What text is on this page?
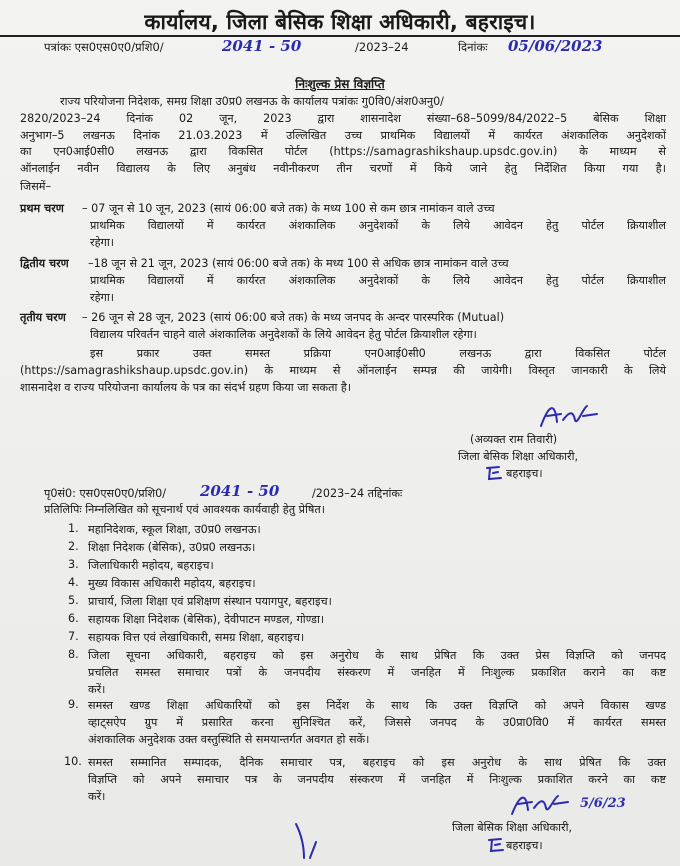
कार्यालय, जिला बेसिक शिक्षा अधिकारी, बहराइच।
पत्रांकः एस0एस0ए0/प्रशि0/	2041 - 50	/2023–24	दिनांकः 05/06/2023
निःशुल्क प्रेस विज्ञप्ति
राज्य परियोजना निदेशक, समग्र शिक्षा उ0प्र0 लखनऊ के कार्यालय पत्रांकः गु0वि0/अंश0अनु0/
2820/2023–24 दिनांक 02 जून, 2023 द्वारा शासनादेश संख्या–68–5099/84/2022–5 बेसिक शिक्षा
अनुभाग–5 लखनऊ दिनांक 21.03.2023 में उल्लिखित उच्च प्राथमिक विद्यालयों में कार्यरत अंशकालिक अनुदेशकों
का एन0आई0सी0 लखनऊ द्वारा विकसित पोर्टल (https://samagrashikshaup.upsdc.gov.in) के माध्यम से
ऑनलाईन नवीन विद्यालय के लिए अनुबंध नवीनीकरण तीन चरणों में किये जाने हेतु निर्देशित किया गया है।
जिसमें–
प्रथम चरण – 07 जून से 10 जून, 2023 (सायं 06:00 बजे तक) के मध्य 100 से कम छात्र नामांकन वाले उच्च
प्राथमिक विद्यालयों में कार्यरत अंशकालिक अनुदेशकों के लिये आवेदन हेतु पोर्टल क्रियाशील
रहेगा।
द्वितीय चरण –18 जून से 21 जून, 2023 (सायं 06:00 बजे तक) के मध्य 100 से अधिक छात्र नामांकन वाले उच्च
प्राथमिक विद्यालयों में कार्यरत अंशकालिक अनुदेशकों के लिये आवेदन हेतु पोर्टल क्रियाशील
रहेगा।
तृतीय चरण – 26 जून से 28 जून, 2023 (सायं 06:00 बजे तक) के मध्य जनपद के अन्दर पारस्परिक (Mutual)
विद्यालय परिवर्तन चाहने वाले अंशकालिक अनुदेशकों के लिये आवेदन हेतु पोर्टल क्रियाशील रहेगा।
इस प्रकार उक्त समस्त प्रक्रिया एन0आई0सी0 लखनऊ द्वारा विकसित पोर्टल
(https://samagrashikshaup.upsdc.gov.in) के माध्यम से ऑनलाईन सम्पन्न की जायेगी। विस्तृत जानकारी के लिये
शासनादेश व राज्य परियोजना कार्यालय के पत्र का संदर्भ ग्रहण किया जा सकता है।
(अव्यक्त राम तिवारी)
जिला बेसिक शिक्षा अधिकारी,
बहराइच।
पृ0सं0: एस0एस0ए0/प्रशि0/ 2041 - 50	/2023–24 तद्दिनांकः
प्रतिलिपिः निम्नलिखित को सूचनार्थ एवं आवश्यक कार्यवाही हेतु प्रेषित।
1. महानिदेशक, स्कूल शिक्षा, उ0प्र0 लखनऊ।
2. शिक्षा निदेशक (बेसिक), उ0प्र0 लखनऊ।
3. जिलाधिकारी महोदय, बहराइच।
4. मुख्य विकास अधिकारी महोदय, बहराइच।
5. प्राचार्य, जिला शिक्षा एवं प्रशिक्षण संस्थान पयागपुर, बहराइच।
6. सहायक शिक्षा निदेशक (बेसिक), देवीपाटन मण्डल, गोण्डा।
7. सहायक वित्त एवं लेखाधिकारी, समग्र शिक्षा, बहराइच।
8. जिला सूचना अधिकारी, बहराइच को इस अनुरोध के साथ प्रेषित कि उक्त प्रेस विज्ञप्ति को जनपद
प्रचलित समस्त समाचार पत्रों के जनपदीय संस्करण में जनहित में निःशुल्क प्रकाशित कराने का कष्ट
करें।
9. समस्त खण्ड शिक्षा अधिकारियों को इस निर्देश के साथ कि उक्त विज्ञप्ति को अपने विकास खण्ड
व्हाट्सऐप ग्रुप में प्रसारित करना सुनिश्चित करें, जिससे जनपद के उ0प्रा0वि0 में कार्यरत समस्त
अंशकालिक अनुदेशक उक्त वस्तुस्थिति से समयान्तर्गत अवगत हो सकें।
10. समस्त सम्मानित सम्पादक, दैनिक समाचार पत्र, बहराइच को इस अनुरोध के साथ प्रेषित कि उक्त
विज्ञप्ति को अपने समाचार पत्र के जनपदीय संस्करण में जनहित में निःशुल्क प्रकाशित करने का कष्ट
करें।	5/6/23
जिला बेसिक शिक्षा अधिकारी,
बहराइच।
